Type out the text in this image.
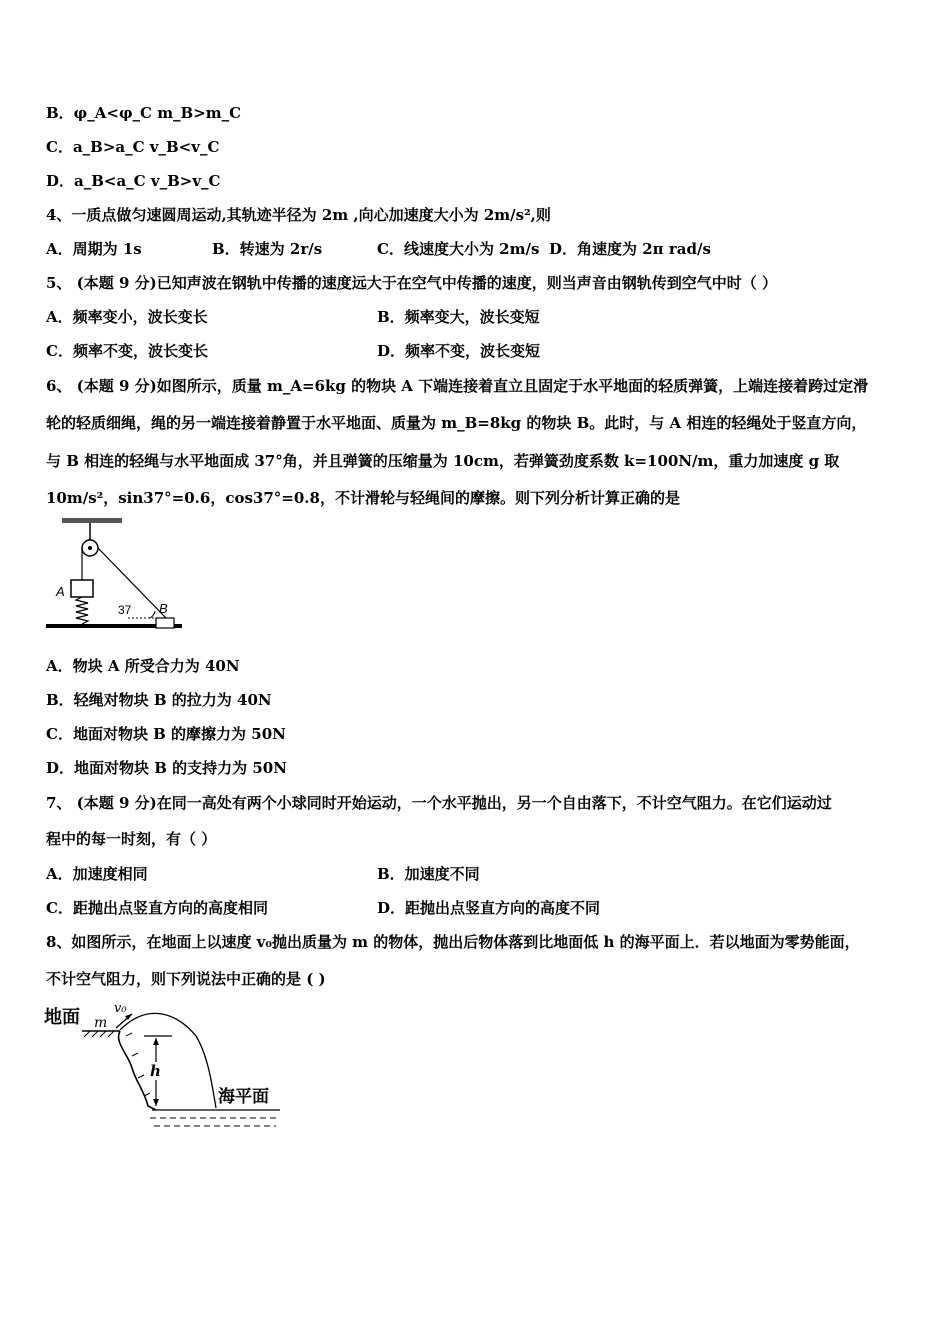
B．φ_A<φ_C m_B>m_C
C．a_B>a_C v_B<v_C
D．a_B<a_C v_B>v_C
4、一质点做匀速圆周运动,其轨迹半径为 2m ,向心加速度大小为 2m/s²,则
A．周期为 1s	B．转速为 2r/s	C．线速度大小为 2m/s D．角速度为 2π rad/s
5、 (本题 9 分)已知声波在钢轨中传播的速度远大于在空气中传播的速度，则当声音由钢轨传到空气中时（ ）
A．频率变小，波长变长	B．频率变大，波长变短
C．频率不变，波长变长	D．频率不变，波长变短
6、 (本题 9 分)如图所示，质量 m_A=6kg 的物块 A 下端连接着直立且固定于水平地面的轻质弹簧，上端连接着跨过定滑
轮的轻质细绳，绳的另一端连接着静置于水平地面、质量为 m_B=8kg 的物块 B。此时，与 A 相连的轻绳处于竖直方向，
与 B 相连的轻绳与水平地面成 37°角，并且弹簧的压缩量为 10cm，若弹簧劲度系数 k=100N/m，重力加速度 g 取
10m/s²，sin37°=0.6，cos37°=0.8，不计滑轮与轻绳间的摩擦。则下列分析计算正确的是
A
37 B
A．物块 A 所受合力为 40N
B．轻绳对物块 B 的拉力为 40N
C．地面对物块 B 的摩擦力为 50N
D．地面对物块 B 的支持力为 50N
7、 (本题 9 分)在同一高处有两个小球同时开始运动，一个水平抛出，另一个自由落下，不计空气阻力。在它们运动过
程中的每一时刻，有（ ）
A．加速度相同	B．加速度不同
C．距抛出点竖直方向的高度相同	D．距抛出点竖直方向的高度不同
8、如图所示，在地面上以速度 v₀抛出质量为 m 的物体，抛出后物体落到比地面低 h 的海平面上．若以地面为零势能面，
不计空气阻力，则下列说法中正确的是 ( )
地面 m
v₀
h
海平面
